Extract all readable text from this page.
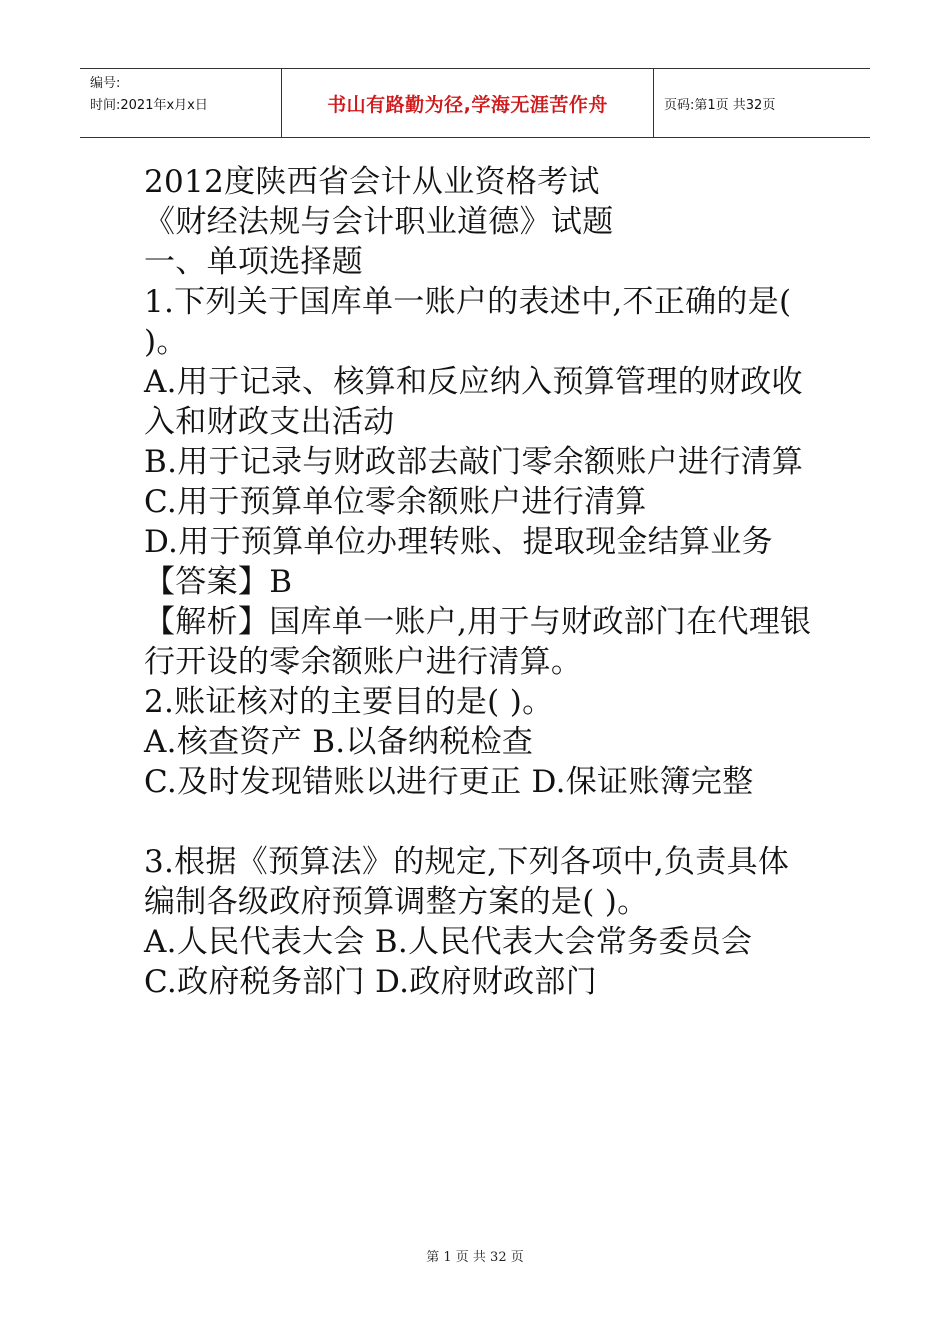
编号:
时间:2021年x月x日	书山有路勤为径,学海无涯苦作舟	页码:第1页 共32页

2012度陕西省会计从业资格考试

《财经法规与会计职业道德》试题

一、单项选择题

1.下列关于国库单一账户的表述中,不正确的是( )。

A.用于记录、核算和反应纳入预算管理的财政收入和财政支出活动

B.用于记录与财政部去敲门零余额账户进行清算

C.用于预算单位零余额账户进行清算

D.用于预算单位办理转账、提取现金结算业务

【答案】B

【解析】国库单一账户,用于与财政部门在代理银行开设的零余额账户进行清算。

2.账证核对的主要目的是( )。

A.核查资产 B.以备纳税检查

C.及时发现错账以进行更正 D.保证账簿完整

3.根据《预算法》的规定,下列各项中,负责具体编制各级政府预算调整方案的是( )。

A.人民代表大会 B.人民代表大会常务委员会

C.政府税务部门 D.政府财政部门

第 1 页 共 32 页
